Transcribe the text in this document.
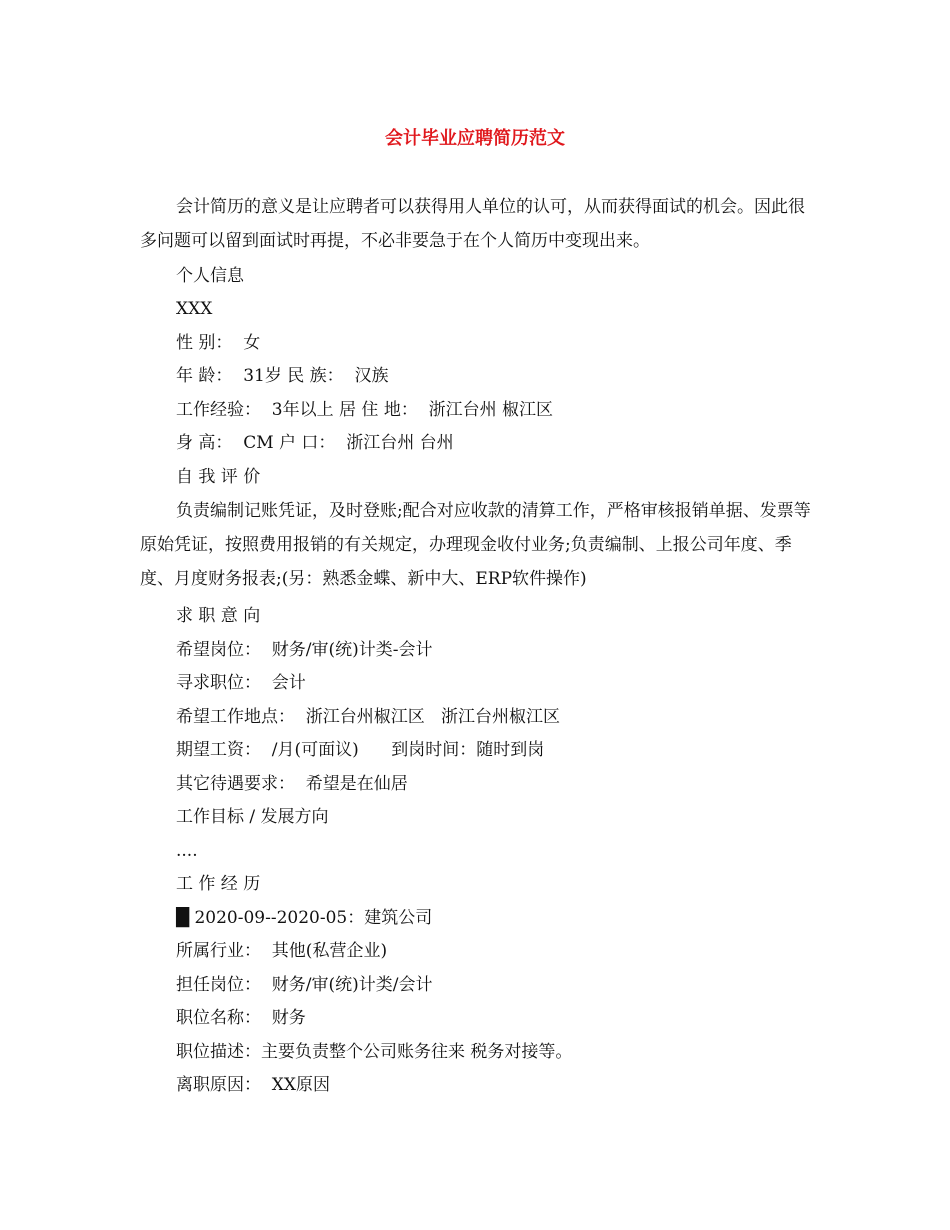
会计毕业应聘简历范文

会计简历的意义是让应聘者可以获得用人单位的认可，从而获得面试的机会。因此很多问题可以留到面试时再提，不必非要急于在个人简历中变现出来。

个人信息
XXX
性 别：  女
年 龄：  31岁 民 族：  汉族
工作经验：  3年以上 居 住 地：  浙江台州 椒江区
身 高：  CM 户 口：  浙江台州 台州
自 我 评 价

负责编制记账凭证，及时登账;配合对应收款的清算工作，严格审核报销单据、发票等原始凭证，按照费用报销的有关规定，办理现金收付业务;负责编制、上报公司年度、季度、月度财务报表;(另：熟悉金蝶、新中大、ERP软件操作)

求 职 意 向
希望岗位：  财务/审(统)计类-会计
寻求职位：  会计
希望工作地点：  浙江台州椒江区   浙江台州椒江区
期望工资：  /月(可面议)      到岗时间：随时到岗
其它待遇要求：  希望是在仙居
工作目标 / 发展方向
....
工 作 经 历
█ 2020-09--2020-05：建筑公司
所属行业：  其他(私营企业)
担任岗位：  财务/审(统)计类/会计
职位名称：  财务
职位描述：主要负责整个公司账务往来 税务对接等。
离职原因：  XX原因
